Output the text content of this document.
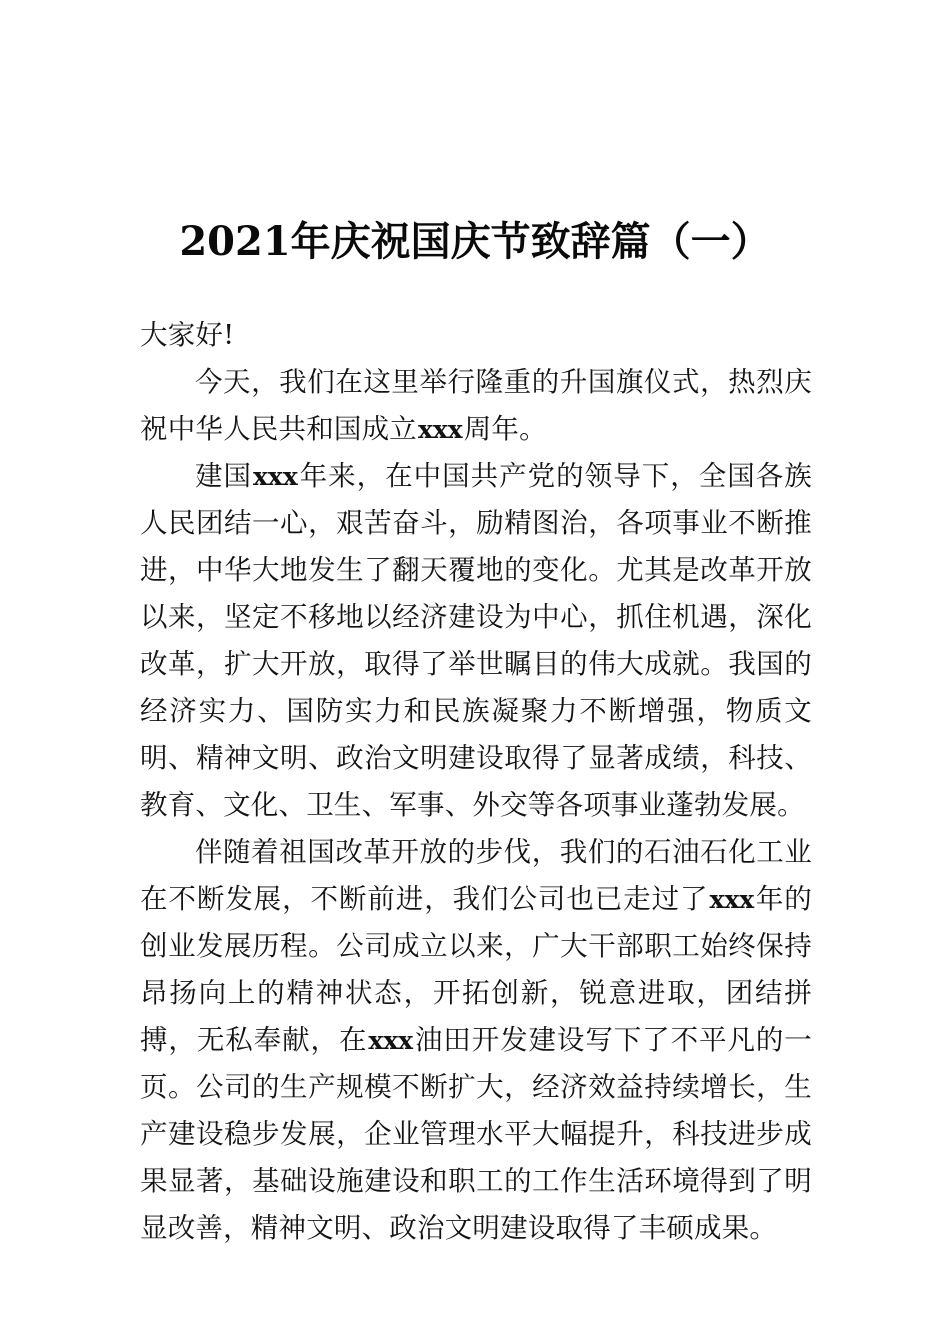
2021年庆祝国庆节致辞篇（一）

大家好!

今天，我们在这里举行隆重的升国旗仪式，热烈庆祝中华人民共和国成立xxx周年。

建国xxx年来，在中国共产党的领导下，全国各族人民团结一心，艰苦奋斗，励精图治，各项事业不断推进，中华大地发生了翻天覆地的变化。尤其是改革开放以来，坚定不移地以经济建设为中心，抓住机遇，深化改革，扩大开放，取得了举世瞩目的伟大成就。我国的经济实力、国防实力和民族凝聚力不断增强，物质文明、精神文明、政治文明建设取得了显著成绩，科技、教育、文化、卫生、军事、外交等各项事业蓬勃发展。

伴随着祖国改革开放的步伐，我们的石油石化工业在不断发展，不断前进，我们公司也已走过了xxx年的创业发展历程。公司成立以来，广大干部职工始终保持昂扬向上的精神状态，开拓创新，锐意进取，团结拼搏，无私奉献，在xxx油田开发建设写下了不平凡的一页。公司的生产规模不断扩大，经济效益持续增长，生产建设稳步发展，企业管理水平大幅提升，科技进步成果显著，基础设施建设和职工的工作生活环境得到了明显改善，精神文明、政治文明建设取得了丰硕成果。
